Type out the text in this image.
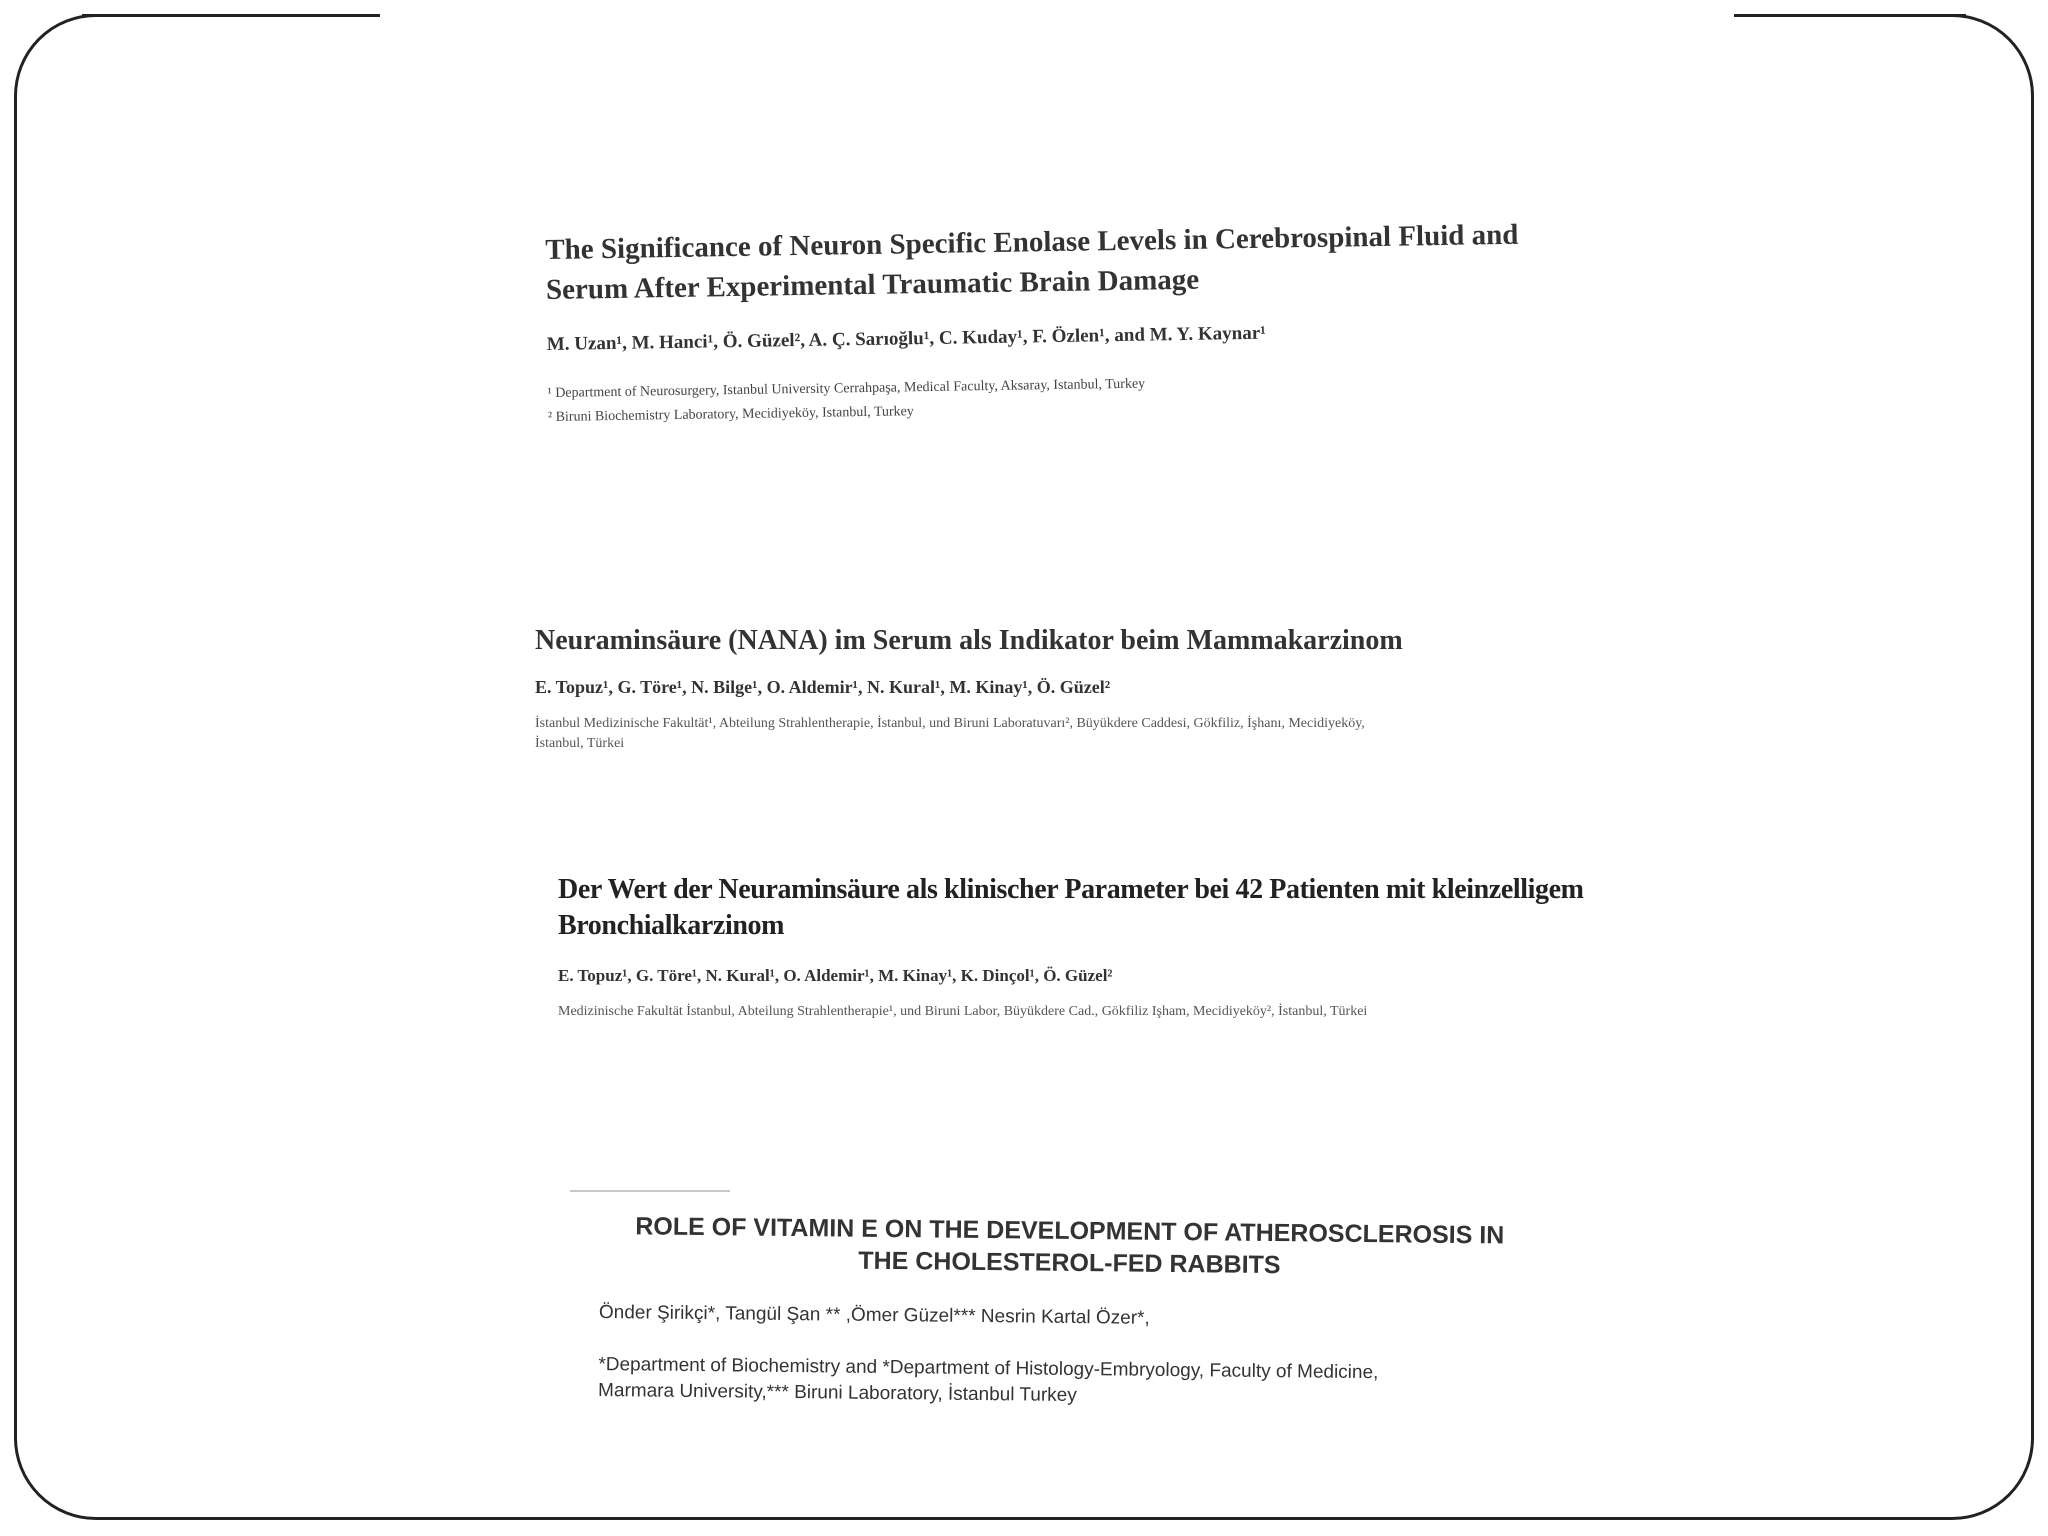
The Significance of Neuron Specific Enolase Levels in Cerebrospinal Fluid and
Serum After Experimental Traumatic Brain Damage
M. Uzan¹, M. Hanci¹, Ö. Güzel², A. Ç. Sarıoğlu¹, C. Kuday¹, F. Özlen¹, and M. Y. Kaynar¹
¹ Department of Neurosurgery, Istanbul University Cerrahpaşa, Medical Faculty, Aksaray, Istanbul, Turkey
² Biruni Biochemistry Laboratory, Mecidiyeköy, Istanbul, Turkey
Neuraminsäure (NANA) im Serum als Indikator beim Mammakarzinom
E. Topuz¹, G. Töre¹, N. Bilge¹, O. Aldemir¹, N. Kural¹, M. Kinay¹, Ö. Güzel²
İstanbul Medizinische Fakultät¹, Abteilung Strahlentherapie, İstanbul, und Biruni Laboratuvarı², Büyükdere Caddesi, Gökfiliz, İşhanı, Mecidiyeköy,
İstanbul, Türkei
Der Wert der Neuraminsäure als klinischer Parameter bei 42 Patienten mit kleinzelligem
Bronchialkarzinom
E. Topuz¹, G. Töre¹, N. Kural¹, O. Aldemir¹, M. Kinay¹, K. Dinçol¹, Ö. Güzel²
Medizinische Fakultät İstanbul, Abteilung Strahlentherapie¹, und Biruni Labor, Büyükdere Cad., Gökfiliz Işham, Mecidiyeköy², İstanbul, Türkei
ROLE OF VITAMIN E ON THE DEVELOPMENT OF ATHEROSCLEROSIS IN
THE CHOLESTEROL-FED RABBITS
Önder Şirikçi*, Tangül Şan ** ,Ömer Güzel*** Nesrin Kartal Özer*,
*Department of Biochemistry and *Department of Histology-Embryology, Faculty of Medicine,
Marmara University,*** Biruni Laboratory, İstanbul Turkey
